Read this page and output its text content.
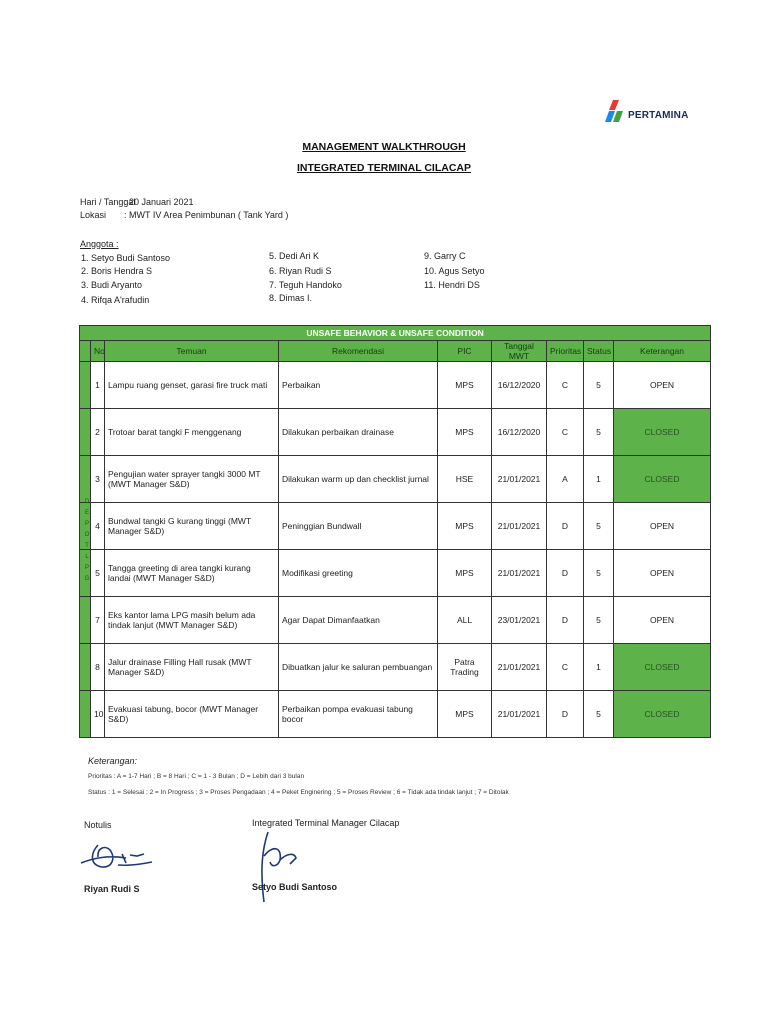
PERTAMINA
MANAGEMENT WALKTHROUGH
INTEGRATED TERMINAL CILACAP
Hari / Tanggal
: 20 Januari 2021
Lokasi : MWT IV Area Penimbunan ( Tank Yard )
Anggota :
1. Setyo Budi Santoso
2. Boris Hendra S
3. Budi Aryanto
4. Rifqa A'rafudin
5. Dedi Ari K
6. Riyan Rudi S
7. Teguh Handoko
8. Dimas I.
9. Garry C
10. Agus Setyo
11. Hendri DS
UNSAFE BEHAVIOR & UNSAFE CONDITION								
	No	Temuan	Rekomendasi	PIC	Tanggal MWT	Prioritas	Status	Keterangan
	1	Lampu ruang genset, garasi fire truck mati	Perbaikan	MPS	16/12/2020	C	5	OPEN
	2	Trotoar barat tangki F menggenang	Dilakukan perbaikan drainase	MPS	16/12/2020	C	5	CLOSED
	3	Pengujian water sprayer tangki 3000 MT (MWT Manager S&D)	Dilakukan warm up dan checklist jurnal	HSE	21/01/2021	A	1	CLOSED
	4	Bundwal tangki G kurang tinggi (MWT Manager S&D)	Peninggian Bundwall	MPS	21/01/2021	D	5	OPEN
	5	Tangga greeting di area tangki kurang landai (MWT Manager S&D)	Modifikasi greeting	MPS	21/01/2021	D	5	OPEN
	7	Eks kantor lama LPG masih belum ada tindak lanjut (MWT Manager S&D)	Agar Dapat Dimanfaatkan	ALL	23/01/2021	D	5	OPEN
	8	Jalur drainase Filling Hall rusak (MWT Manager S&D)	Dibuatkan jalur ke saluran pembuangan	Patra Trading	21/01/2021	C	1	CLOSED
	10	Evakuasi tabung, bocor (MWT Manager S&D)	Perbaikan pompa evakuasi tabung bocor	MPS	21/01/2021	D	5	CLOSED
DEPOT
LPG
Keterangan:
Prioritas : A = 1-7 Hari ; B = 8 Hari ; C = 1 - 3 Bulan ; D = Lebih dari 3 bulan
Status : 1 = Selesai ; 2 = In Progress ; 3 = Proses Pengadaan ; 4 = Peket Enginering ; 5 = Proses Review ; 6 = Tidak ada tindak lanjut ; 7 = Ditolak
Notulis
Riyan Rudi S
Integrated Terminal Manager Cilacap
Setyo Budi Santoso
